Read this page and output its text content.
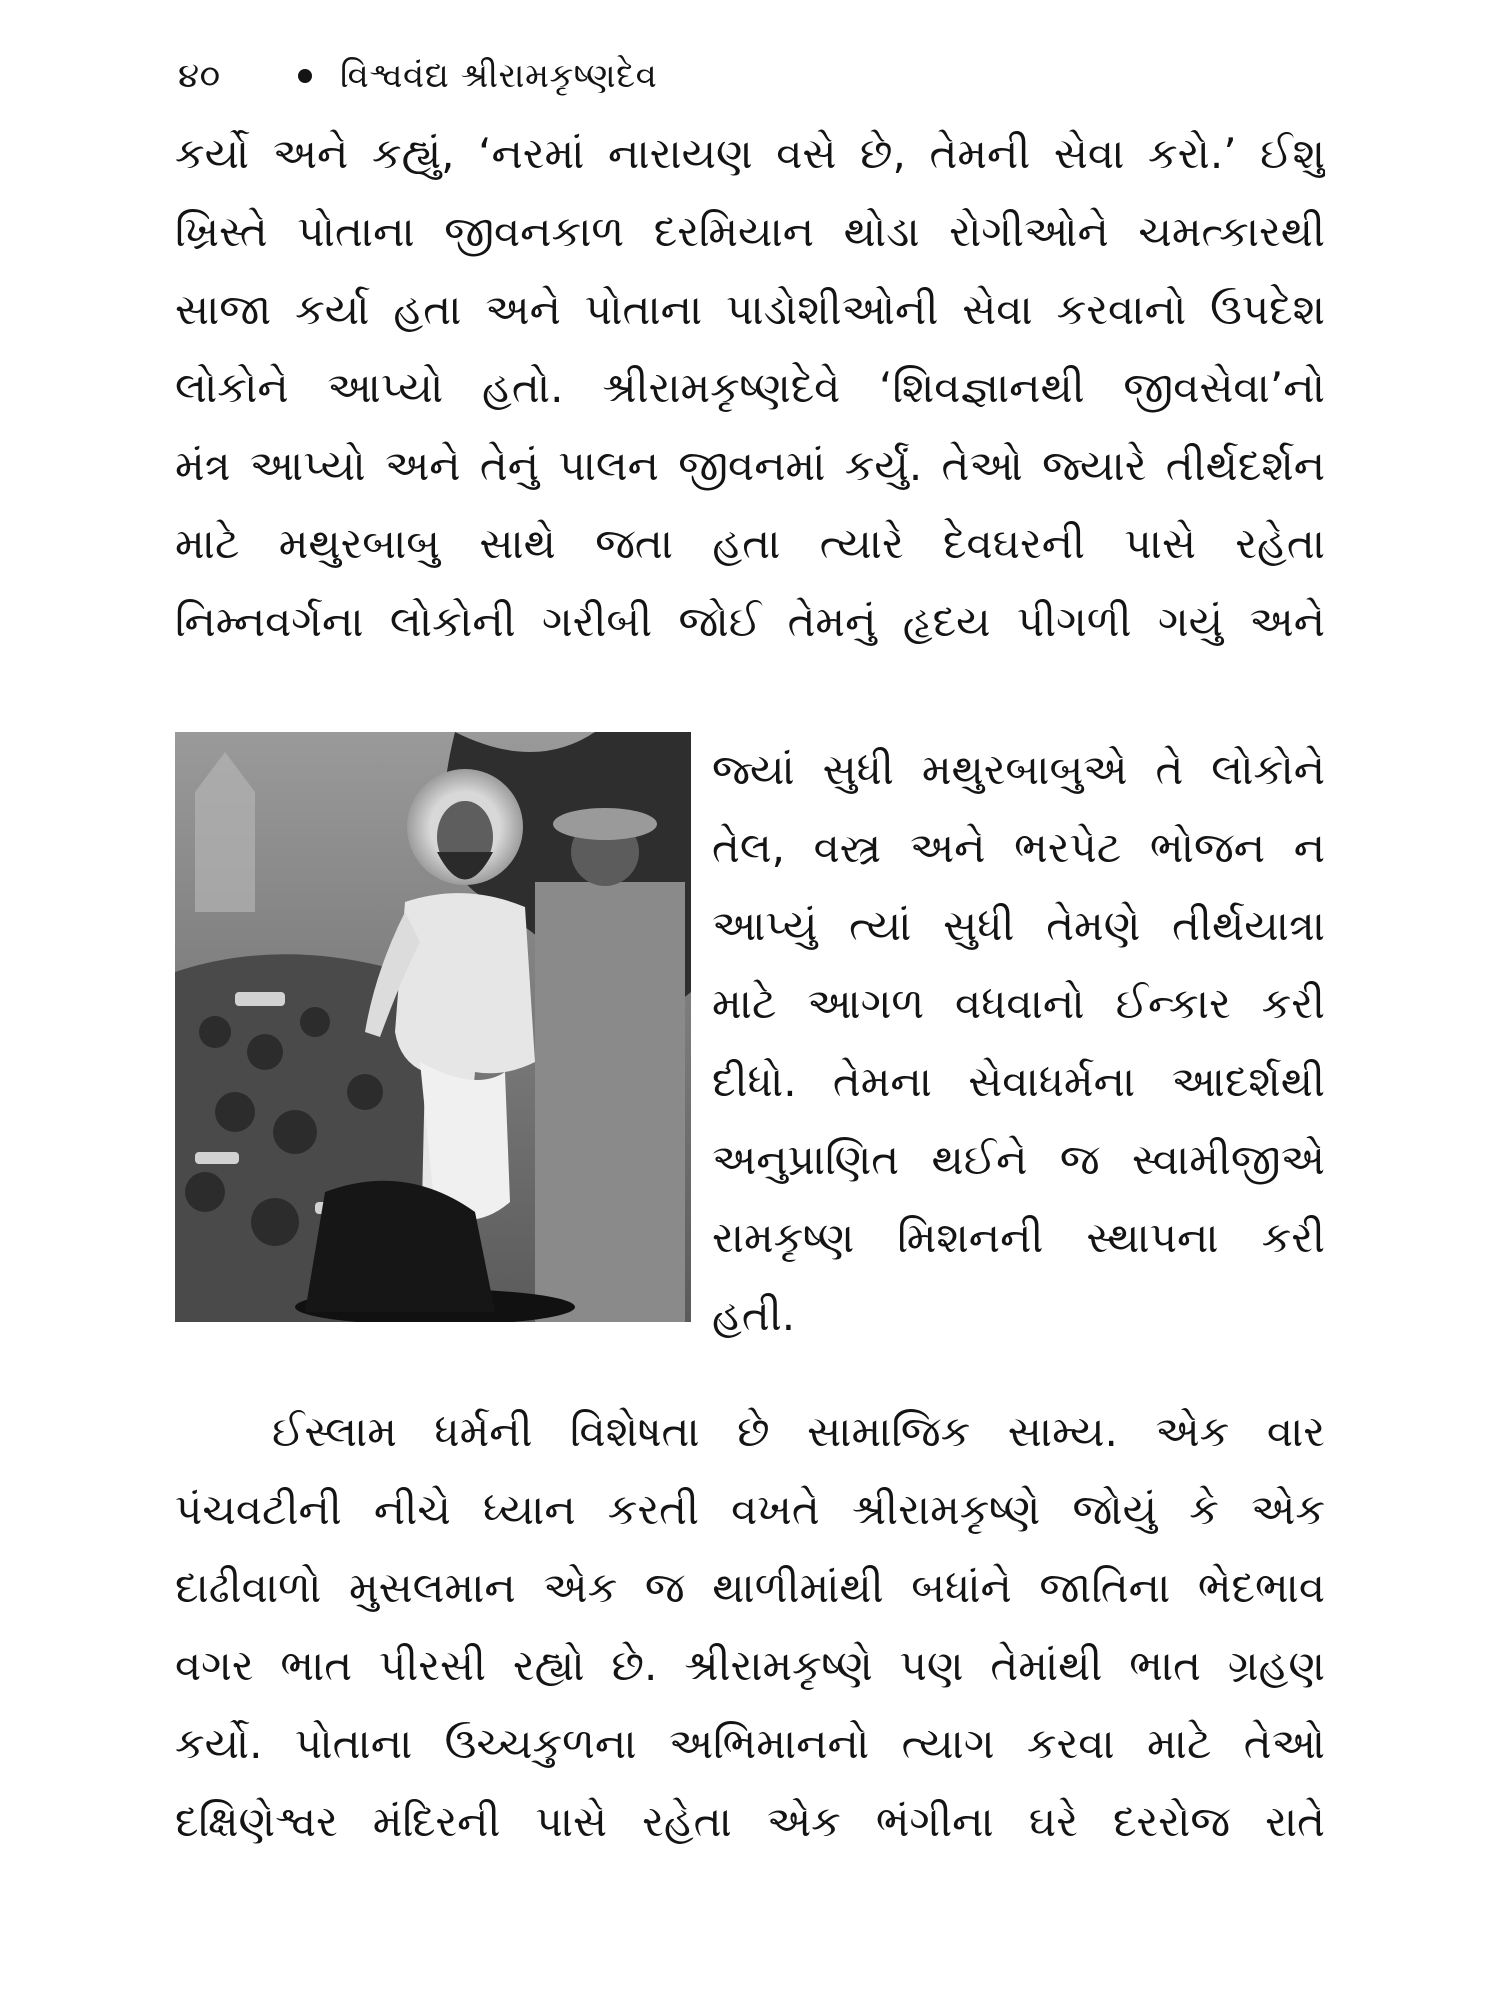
૪૦	વિશ્વવંદ્ય શ્રીરામકૃષ્ણદેવ
કર્યો અને કહ્યું, ‘નરમાં નારાયણ વસે છે, તેમની સેવા કરો.’ ઈશુ
ખ્રિસ્તે પોતાના જીવનકાળ દરમિયાન થોડા રોગીઓને ચમત્કારથી
સાજા કર્યા હતા અને પોતાના પાડોશીઓની સેવા કરવાનો ઉપદેશ
લોકોને આપ્યો હતો. શ્રીરામકૃષ્ણદેવે ‘શિવજ્ઞાનથી જીવસેવા’નો
મંત્ર આપ્યો અને તેનું પાલન જીવનમાં કર્યું. તેઓ જ્યારે તીર્થદર્શન
માટે મથુરબાબુ સાથે જતા હતા ત્યારે દેવઘરની પાસે રહેતા
નિમ્નવર્ગના લોકોની ગરીબી જોઈ તેમનું હૃદય પીગળી ગયું અને
જ્યાં સુધી મથુરબાબુએ તે લોકોને
તેલ, વસ્ત્ર અને ભરપેટ ભોજન ન
આપ્યું ત્યાં સુધી તેમણે તીર્થયાત્રા
માટે આગળ વધવાનો ઈન્કાર કરી
દીધો. તેમના સેવાધર્મના આદર્શથી
અનુપ્રાણિત થઈને જ સ્વામીજીએ
રામકૃષ્ણ મિશનની સ્થાપના કરી
હતી.
ઈસ્લામ ધર્મની વિશેષતા છે સામાજિક સામ્ય. એક વાર
પંચવટીની નીચે ધ્યાન કરતી વખતે શ્રીરામકૃષ્ણે જોયું કે એક
દાઢીવાળો મુસલમાન એક જ થાળીમાંથી બધાંને જાતિના ભેદભાવ
વગર ભાત પીરસી રહ્યો છે. શ્રીરામકૃષ્ણે પણ તેમાંથી ભાત ગ્રહણ
કર્યો. પોતાના ઉચ્ચકુળના અભિમાનનો ત્યાગ કરવા માટે તેઓ
દક્ષિણેશ્વર મંદિરની પાસે રહેતા એક ભંગીના ઘરે દરરોજ રાતે
